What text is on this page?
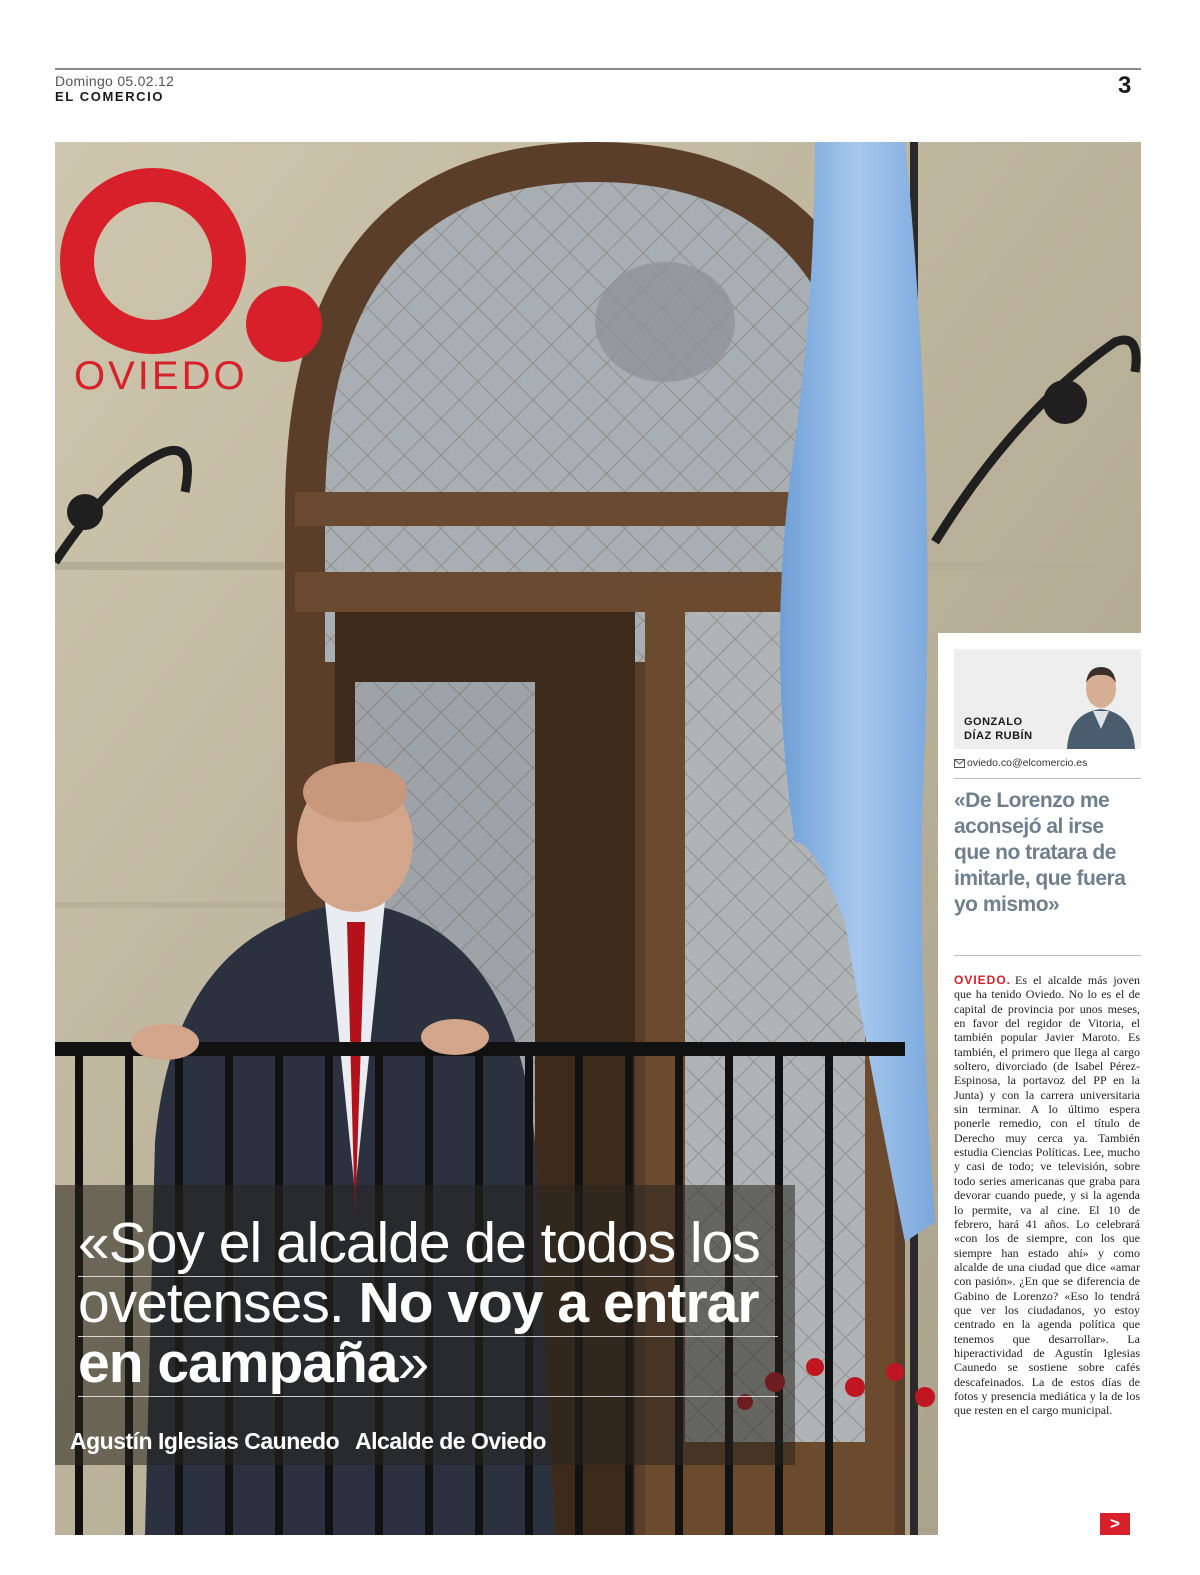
Domingo 05.02.12
EL COMERCIO	3
OVIEDO
«Soy el alcalde de todos los ovetenses. No voy a entrar en campaña»
Agustín Iglesias Caunedo Alcalde de Oviedo
GONZALO
DÍAZ RUBÍN
oviedo.co@elcomercio.es

«De Lorenzo me aconsejó al irse que no tratara de imitarle, que fuera yo mismo»

OVIEDO. Es el alcalde más joven que ha tenido Oviedo. No lo es el de capital de provincia por unos meses, en favor del regidor de Vitoria, el también popular Javier Maroto. Es también, el primero que llega al cargo soltero, divorciado (de Isabel Pérez-Espinosa, la portavoz del PP en la Junta) y con la carrera universitaria sin terminar. A lo último espera ponerle remedio, con el título de Derecho muy cerca ya. También estudia Ciencias Políticas. Lee, mucho y casi de todo; ve televisión, sobre todo series americanas que graba para devorar cuando puede, y si la agenda lo permite, va al cine. El 10 de febrero, hará 41 años. Lo celebrará «con los de siempre, con los que siempre han estado ahí» y como alcalde de una ciudad que dice «amar con pasión». ¿En que se diferencia de Gabino de Lorenzo? «Eso lo tendrá que ver los ciudadanos, yo estoy centrado en la agenda política que tenemos que desarrollar». La hiperactividad de Agustín Iglesias Caunedo se sostiene sobre cafés descafeinados. La de estos días de fotos y presencia mediática y la de los que resten en el cargo municipal.

>
